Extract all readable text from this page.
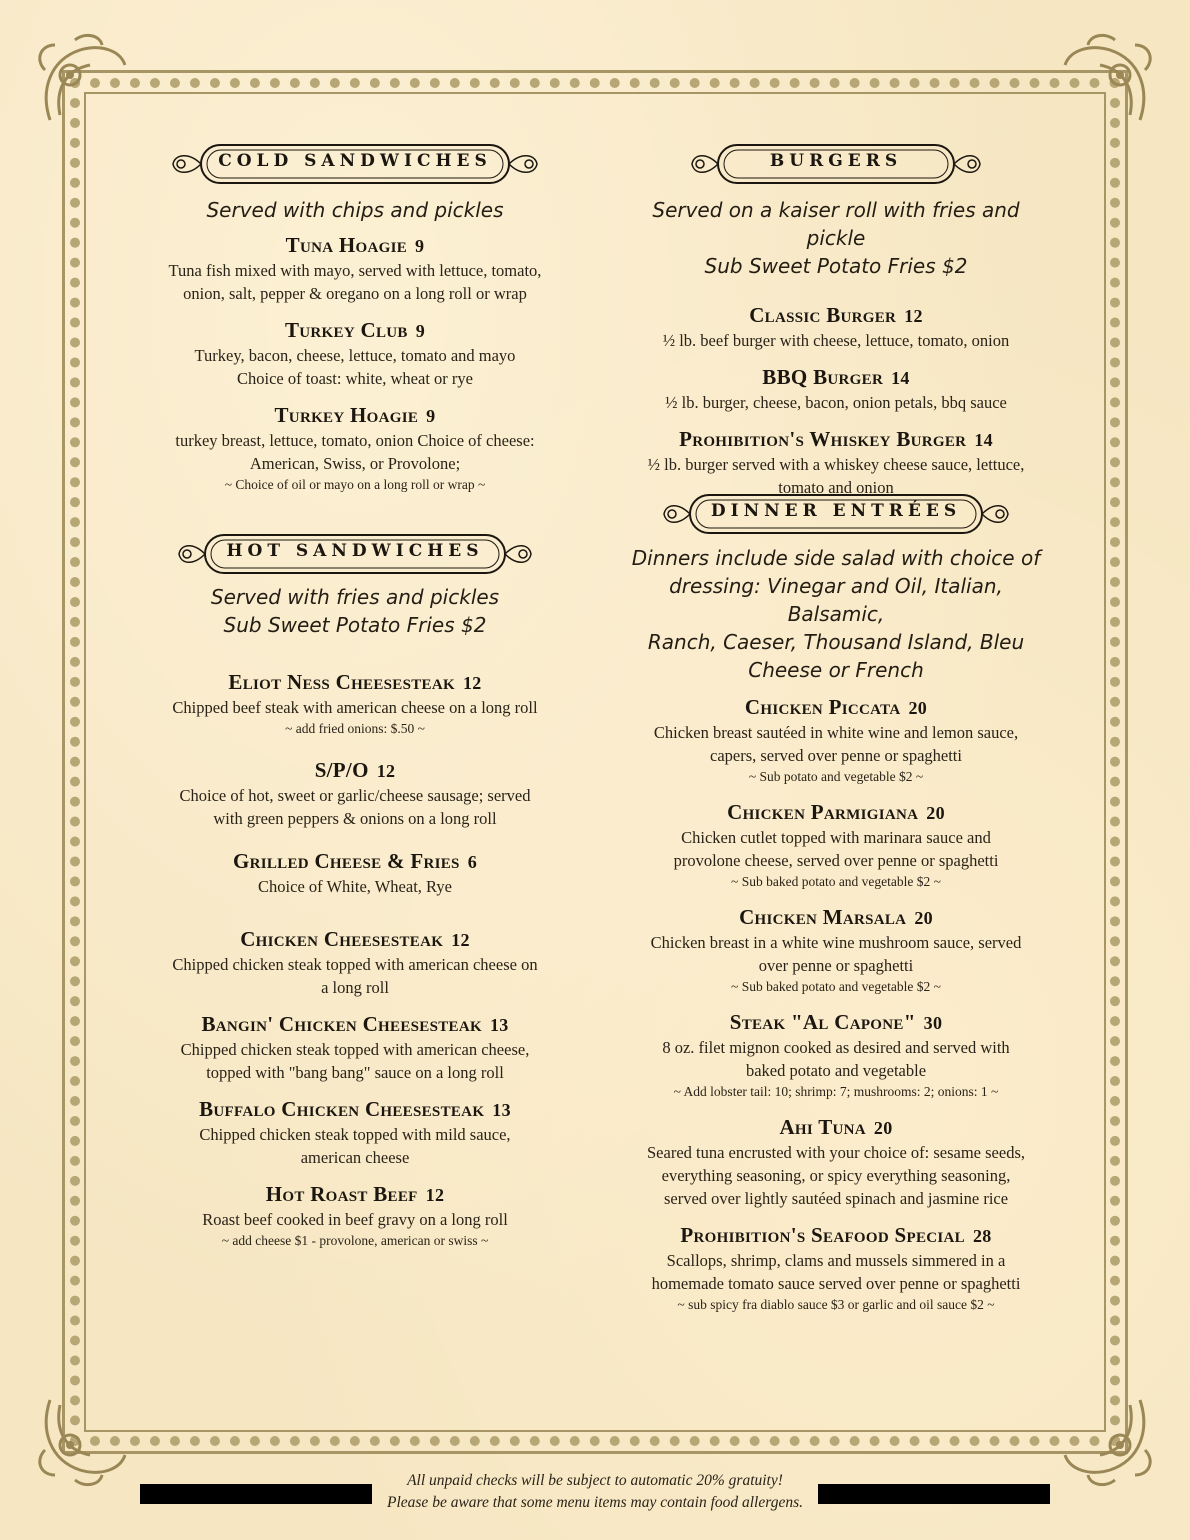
COLD SANDWICHES
Served with chips and pickles
Tuna Hoagie 9
Tuna fish mixed with mayo, served with lettuce, tomato,
onion, salt, pepper & oregano on a long roll or wrap
Turkey Club 9
Turkey, bacon, cheese, lettuce, tomato and mayo
Choice of toast: white, wheat or rye
Turkey Hoagie 9
turkey breast, lettuce, tomato, onion Choice of cheese:
American, Swiss, or Provolone;
~ Choice of oil or mayo on a long roll or wrap ~
HOT SANDWICHES
Served with fries and pickles
Sub Sweet Potato Fries $2
Eliot Ness Cheesesteak 12
Chipped beef steak with american cheese on a long roll
~ add fried onions: $.50 ~
S/P/O 12
Choice of hot, sweet or garlic/cheese sausage; served
with green peppers & onions on a long roll
Grilled Cheese & Fries 6
Choice of White, Wheat, Rye
Chicken Cheesesteak 12
Chipped chicken steak topped with american cheese on
a long roll
Bangin' Chicken Cheesesteak 13
Chipped chicken steak topped with american cheese,
topped with "bang bang" sauce on a long roll
Buffalo Chicken Cheesesteak 13
Chipped chicken steak topped with mild sauce,
american cheese
Hot Roast Beef 12
Roast beef cooked in beef gravy on a long roll
~ add cheese $1 - provolone, american or swiss ~
BURGERS
Served on a kaiser roll with fries and pickle
Sub Sweet Potato Fries $2
Classic Burger 12
½ lb. beef burger with cheese, lettuce, tomato, onion
BBQ Burger 14
½ lb. burger, cheese, bacon, onion petals, bbq sauce
Prohibition's Whiskey Burger 14
½ lb. burger served with a whiskey cheese sauce, lettuce,
tomato and onion
DINNER ENTRÉES
Dinners include side salad with choice of
dressing: Vinegar and Oil, Italian, Balsamic,
Ranch, Caeser, Thousand Island, Bleu
Cheese or French
Chicken Piccata 20
Chicken breast sautéed in white wine and lemon sauce,
capers, served over penne or spaghetti
~ Sub potato and vegetable $2 ~
Chicken Parmigiana 20
Chicken cutlet topped with marinara sauce and
provolone cheese, served over penne or spaghetti
~ Sub baked potato and vegetable $2 ~
Chicken Marsala 20
Chicken breast in a white wine mushroom sauce, served
over penne or spaghetti
~ Sub baked potato and vegetable $2 ~
Steak "Al Capone" 30
8 oz. filet mignon cooked as desired and served with
baked potato and vegetable
~ Add lobster tail: 10; shrimp: 7; mushrooms: 2; onions: 1 ~
Ahi Tuna 20
Seared tuna encrusted with your choice of: sesame seeds,
everything seasoning, or spicy everything seasoning,
served over lightly sautéed spinach and jasmine rice
Prohibition's Seafood Special 28
Scallops, shrimp, clams and mussels simmered in a
homemade tomato sauce served over penne or spaghetti
~ sub spicy fra diablo sauce $3 or garlic and oil sauce $2 ~
All unpaid checks will be subject to automatic 20% gratuity!
Please be aware that some menu items may contain food allergens.
